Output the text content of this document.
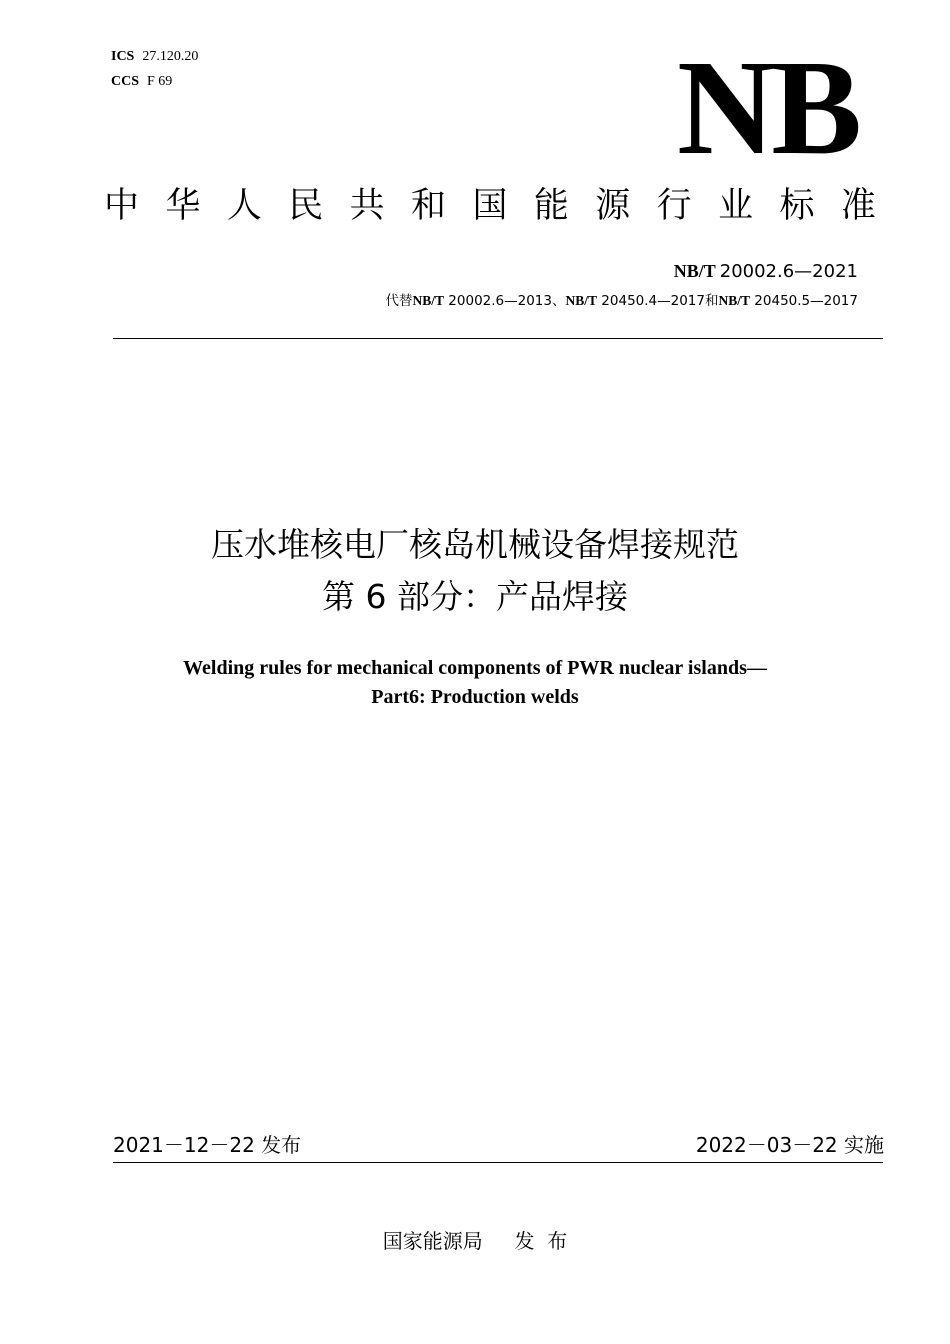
ICS 27.120.20
CCS F 69	NB
中 华 人 民 共 和 国 能 源 行 业 标 准
NB/T 20002.6—2021
代替NB/T 20002.6—2013、NB/T 20450.4—2017和NB/T 20450.5—2017
压水堆核电厂核岛机械设备焊接规范
第 6 部分：产品焊接
Welding rules for mechanical components of PWR nuclear islands—
Part6: Production welds
2021－12－22 发布	2022－03－22 实施
国家能源局     发  布
